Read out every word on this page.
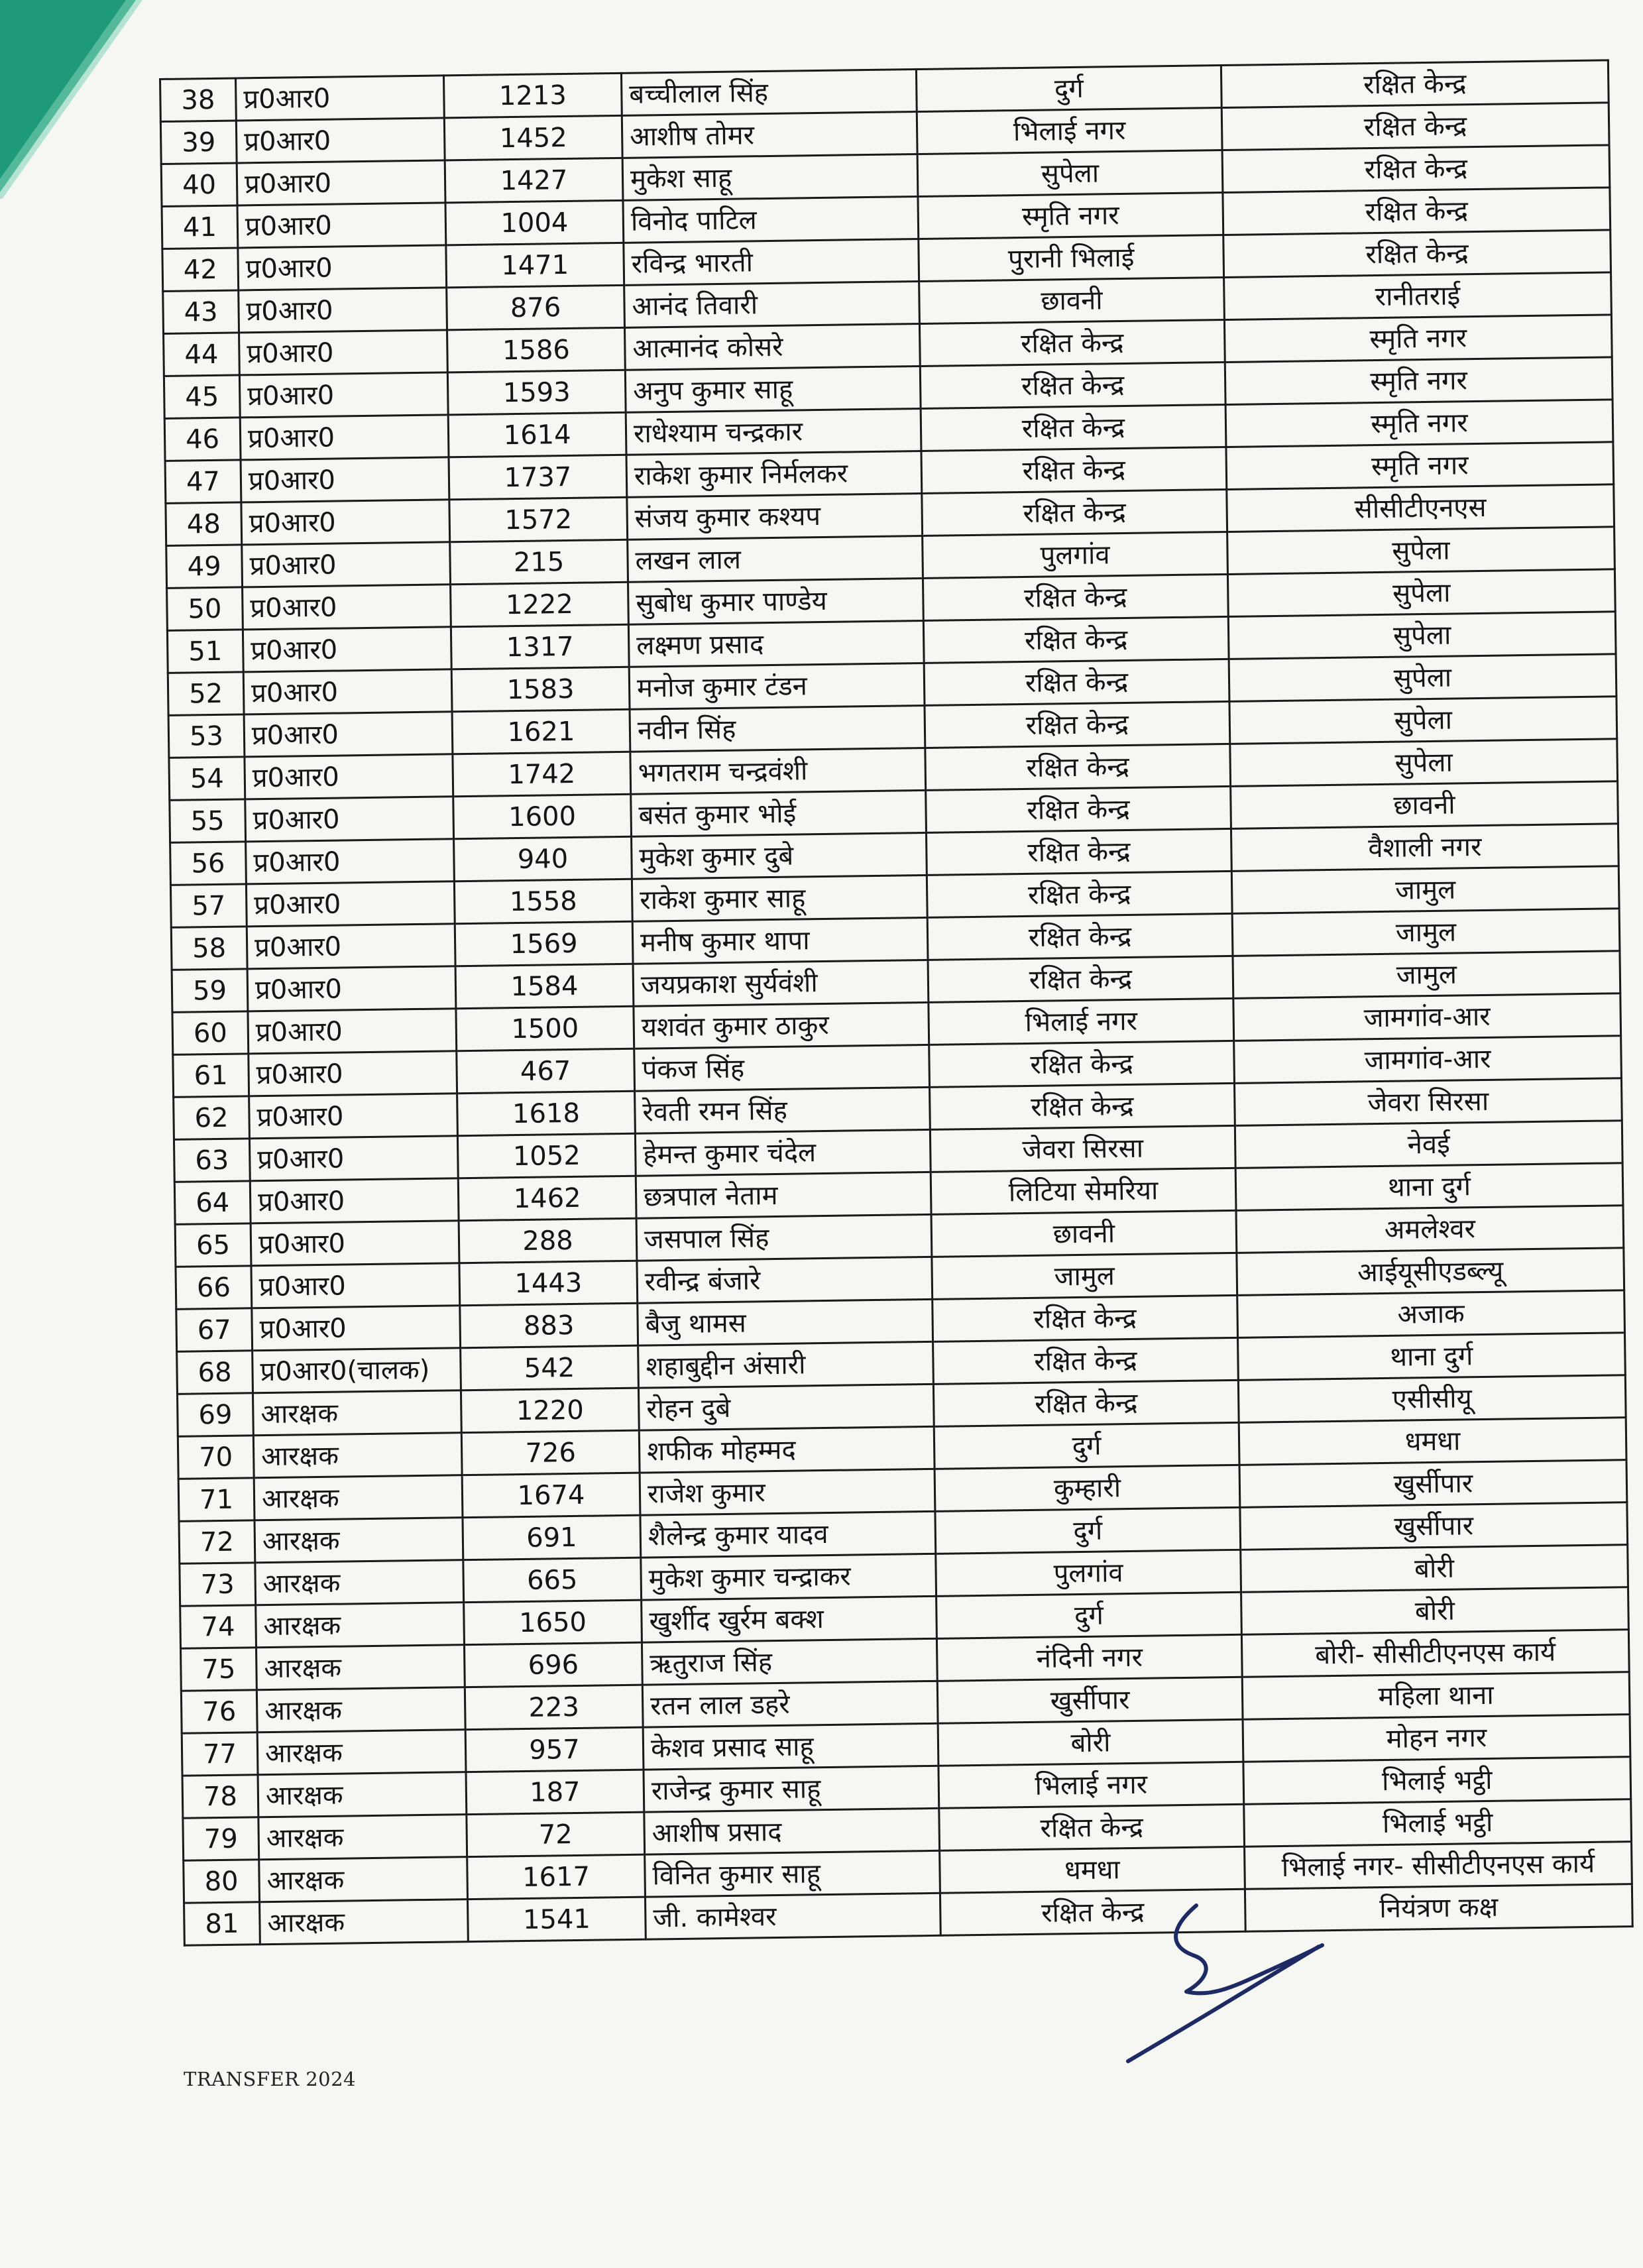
38	प्र0आर0	1213	बच्चीलाल सिंह	दुर्ग	रक्षित केन्द्र
39	प्र0आर0	1452	आशीष तोमर	भिलाई नगर	रक्षित केन्द्र
40	प्र0आर0	1427	मुकेश साहू	सुपेला	रक्षित केन्द्र
41	प्र0आर0	1004	विनोद पाटिल	स्मृति नगर	रक्षित केन्द्र
42	प्र0आर0	1471	रविन्द्र भारती	पुरानी भिलाई	रक्षित केन्द्र
43	प्र0आर0	876	आनंद तिवारी	छावनी	रानीतराई
44	प्र0आर0	1586	आत्मानंद कोसरे	रक्षित केन्द्र	स्मृति नगर
45	प्र0आर0	1593	अनुप कुमार साहू	रक्षित केन्द्र	स्मृति नगर
46	प्र0आर0	1614	राधेश्याम चन्द्रकार	रक्षित केन्द्र	स्मृति नगर
47	प्र0आर0	1737	राकेश कुमार निर्मलकर	रक्षित केन्द्र	स्मृति नगर
48	प्र0आर0	1572	संजय कुमार कश्यप	रक्षित केन्द्र	सीसीटीएनएस
49	प्र0आर0	215	लखन लाल	पुलगांव	सुपेला
50	प्र0आर0	1222	सुबोध कुमार पाण्डेय	रक्षित केन्द्र	सुपेला
51	प्र0आर0	1317	लक्ष्मण प्रसाद	रक्षित केन्द्र	सुपेला
52	प्र0आर0	1583	मनोज कुमार टंडन	रक्षित केन्द्र	सुपेला
53	प्र0आर0	1621	नवीन सिंह	रक्षित केन्द्र	सुपेला
54	प्र0आर0	1742	भगतराम चन्द्रवंशी	रक्षित केन्द्र	सुपेला
55	प्र0आर0	1600	बसंत कुमार भोई	रक्षित केन्द्र	छावनी
56	प्र0आर0	940	मुकेश कुमार दुबे	रक्षित केन्द्र	वैशाली नगर
57	प्र0आर0	1558	राकेश कुमार साहू	रक्षित केन्द्र	जामुल
58	प्र0आर0	1569	मनीष कुमार थापा	रक्षित केन्द्र	जामुल
59	प्र0आर0	1584	जयप्रकाश सुर्यवंशी	रक्षित केन्द्र	जामुल
60	प्र0आर0	1500	यशवंत कुमार ठाकुर	भिलाई नगर	जामगांव-आर
61	प्र0आर0	467	पंकज सिंह	रक्षित केन्द्र	जामगांव-आर
62	प्र0आर0	1618	रेवती रमन सिंह	रक्षित केन्द्र	जेवरा सिरसा
63	प्र0आर0	1052	हेमन्त कुमार चंदेल	जेवरा सिरसा	नेवई
64	प्र0आर0	1462	छत्रपाल नेताम	लिटिया सेमरिया	थाना दुर्ग
65	प्र0आर0	288	जसपाल सिंह	छावनी	अमलेश्वर
66	प्र0आर0	1443	रवीन्द्र बंजारे	जामुल	आईयूसीएडब्ल्यू
67	प्र0आर0	883	बैजु थामस	रक्षित केन्द्र	अजाक
68	प्र0आर0(चालक)	542	शहाबुद्दीन अंसारी	रक्षित केन्द्र	थाना दुर्ग
69	आरक्षक	1220	रोहन दुबे	रक्षित केन्द्र	एसीसीयू
70	आरक्षक	726	शफीक मोहम्मद	दुर्ग	धमधा
71	आरक्षक	1674	राजेश कुमार	कुम्हारी	खुर्सीपार
72	आरक्षक	691	शैलेन्द्र कुमार यादव	दुर्ग	खुर्सीपार
73	आरक्षक	665	मुकेश कुमार चन्द्राकर	पुलगांव	बोरी
74	आरक्षक	1650	खुर्शीद खुर्रम बक्श	दुर्ग	बोरी
75	आरक्षक	696	ऋतुराज सिंह	नंदिनी नगर	बोरी- सीसीटीएनएस कार्य
76	आरक्षक	223	रतन लाल डहरे	खुर्सीपार	महिला थाना
77	आरक्षक	957	केशव प्रसाद साहू	बोरी	मोहन नगर
78	आरक्षक	187	राजेन्द्र कुमार साहू	भिलाई नगर	भिलाई भट्ठी
79	आरक्षक	72	आशीष प्रसाद	रक्षित केन्द्र	भिलाई भट्ठी
80	आरक्षक	1617	विनित कुमार साहू	धमधा	भिलाई नगर- सीसीटीएनएस कार्य
81	आरक्षक	1541	जी. कामेश्वर	रक्षित केन्द्र	नियंत्रण कक्ष
TRANSFER 2024
